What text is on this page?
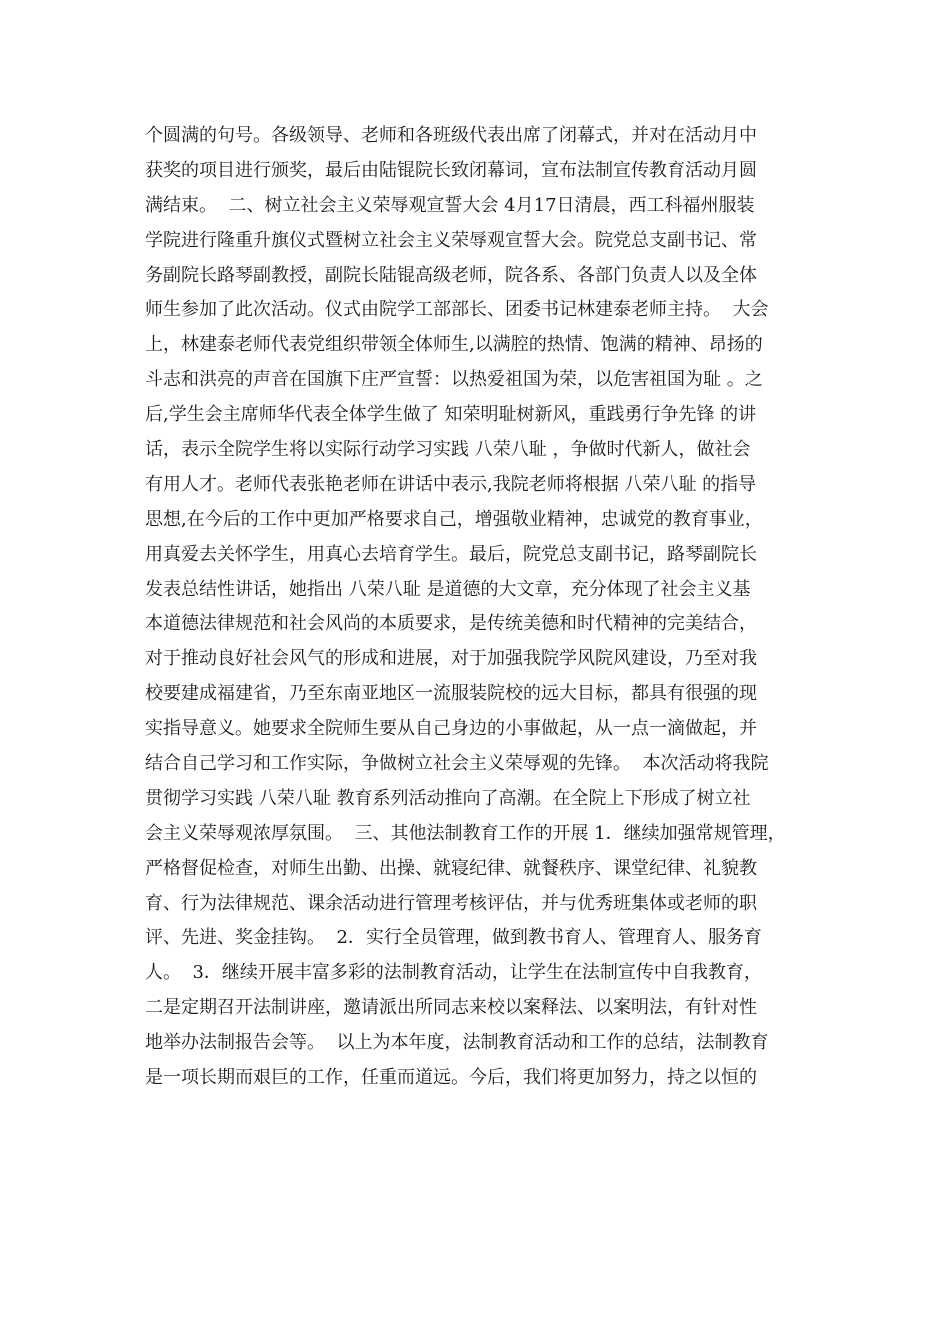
个圆满的句号。各级领导、老师和各班级代表出席了闭幕式，并对在活动月中
获奖的项目进行颁奖，最后由陆锟院长致闭幕词，宣布法制宣传教育活动月圆
满结束。  二、树立社会主义荣辱观宣誓大会 4月17日清晨，西工科福州服装
学院进行隆重升旗仪式暨树立社会主义荣辱观宣誓大会。院党总支副书记、常
务副院长路琴副教授，副院长陆锟高级老师，院各系、各部门负责人以及全体
师生参加了此次活动。仪式由院学工部部长、团委书记林建泰老师主持。  大会
上，林建泰老师代表党组织带领全体师生,以满腔的热情、饱满的精神、昂扬的
斗志和洪亮的声音在国旗下庄严宣誓：以热爱祖国为荣，以危害祖国为耻 。之
后,学生会主席师华代表全体学生做了 知荣明耻树新风，重践勇行争先锋 的讲
话，表示全院学生将以实际行动学习实践 八荣八耻 ，争做时代新人，做社会
有用人才。老师代表张艳老师在讲话中表示,我院老师将根据 八荣八耻 的指导
思想,在今后的工作中更加严格要求自己，增强敬业精神，忠诚党的教育事业，
用真爱去关怀学生，用真心去培育学生。最后，院党总支副书记，路琴副院长
发表总结性讲话，她指出 八荣八耻 是道德的大文章，充分体现了社会主义基
本道德法律规范和社会风尚的本质要求，是传统美德和时代精神的完美结合，
对于推动良好社会风气的形成和进展，对于加强我院学风院风建设，乃至对我
校要建成福建省，乃至东南亚地区一流服装院校的远大目标，都具有很强的现
实指导意义。她要求全院师生要从自己身边的小事做起，从一点一滴做起，并
结合自己学习和工作实际，争做树立社会主义荣辱观的先锋。  本次活动将我院
贯彻学习实践 八荣八耻 教育系列活动推向了高潮。在全院上下形成了树立社
会主义荣辱观浓厚氛围。  三、其他法制教育工作的开展 1．继续加强常规管理，
严格督促检查，对师生出勤、出操、就寝纪律、就餐秩序、课堂纪律、礼貌教
育、行为法律规范、课余活动进行管理考核评估，并与优秀班集体或老师的职
评、先进、奖金挂钩。  2．实行全员管理，做到教书育人、管理育人、服务育
人。  3．继续开展丰富多彩的法制教育活动，让学生在法制宣传中自我教育，
二是定期召开法制讲座，邀请派出所同志来校以案释法、以案明法，有针对性
地举办法制报告会等。  以上为本年度，法制教育活动和工作的总结，法制教育
是一项长期而艰巨的工作，任重而道远。今后，我们将更加努力，持之以恒的
